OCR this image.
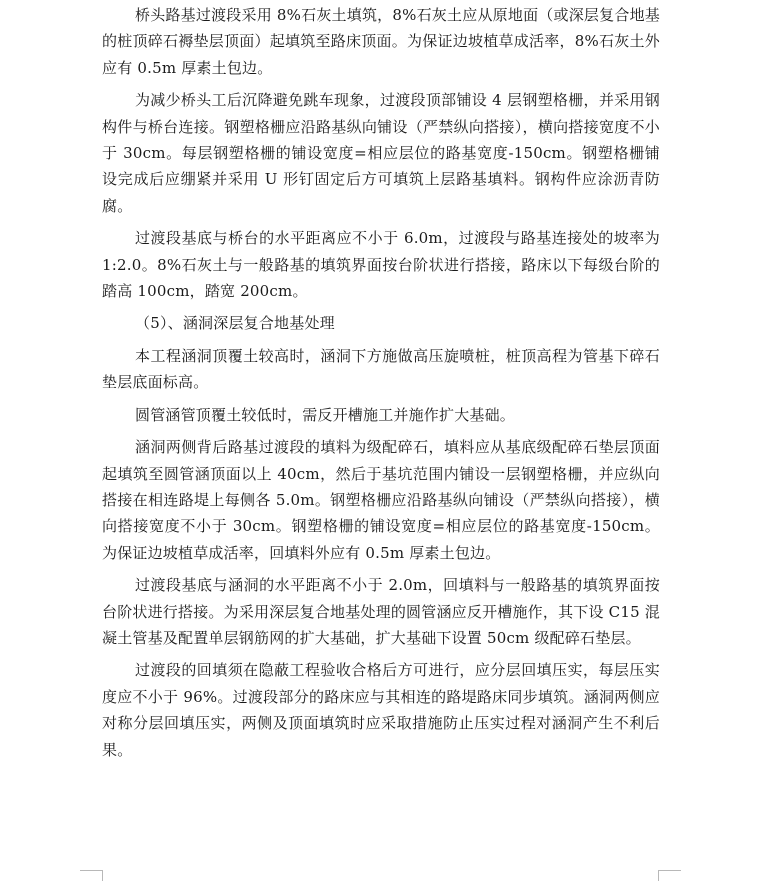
桥头路基过渡段采用 8%石灰土填筑，8%石灰土应从原地面（或深层复合地基的桩顶碎石褥垫层顶面）起填筑至路床顶面。为保证边坡植草成活率，8%石灰土外应有 0.5m 厚素土包边。

为减少桥头工后沉降避免跳车现象，过渡段顶部铺设 4 层钢塑格栅，并采用钢构件与桥台连接。钢塑格栅应沿路基纵向铺设（严禁纵向搭接），横向搭接宽度不小于 30cm。每层钢塑格栅的铺设宽度=相应层位的路基宽度-150cm。钢塑格栅铺设完成后应绷紧并采用 U 形钉固定后方可填筑上层路基填料。钢构件应涂沥青防腐。

过渡段基底与桥台的水平距离应不小于 6.0m，过渡段与路基连接处的坡率为 1:2.0。8%石灰土与一般路基的填筑界面按台阶状进行搭接，路床以下每级台阶的踏高 100cm，踏宽 200cm。

（5）、涵洞深层复合地基处理

本工程涵洞顶覆土较高时，涵洞下方施做高压旋喷桩，桩顶高程为管基下碎石垫层底面标高。

圆管涵管顶覆土较低时，需反开槽施工并施作扩大基础。

涵洞两侧背后路基过渡段的填料为级配碎石，填料应从基底级配碎石垫层顶面起填筑至圆管涵顶面以上 40cm，然后于基坑范围内铺设一层钢塑格栅，并应纵向搭接在相连路堤上每侧各 5.0m。钢塑格栅应沿路基纵向铺设（严禁纵向搭接），横向搭接宽度不小于 30cm。钢塑格栅的铺设宽度=相应层位的路基宽度-150cm。为保证边坡植草成活率，回填料外应有 0.5m 厚素土包边。

过渡段基底与涵洞的水平距离不小于 2.0m，回填料与一般路基的填筑界面按台阶状进行搭接。为采用深层复合地基处理的圆管涵应反开槽施作，其下设 C15 混凝土管基及配置单层钢筋网的扩大基础，扩大基础下设置 50cm 级配碎石垫层。

过渡段的回填须在隐蔽工程验收合格后方可进行，应分层回填压实，每层压实度应不小于 96%。过渡段部分的路床应与其相连的路堤路床同步填筑。涵洞两侧应对称分层回填压实，两侧及顶面填筑时应采取措施防止压实过程对涵洞产生不利后果。
